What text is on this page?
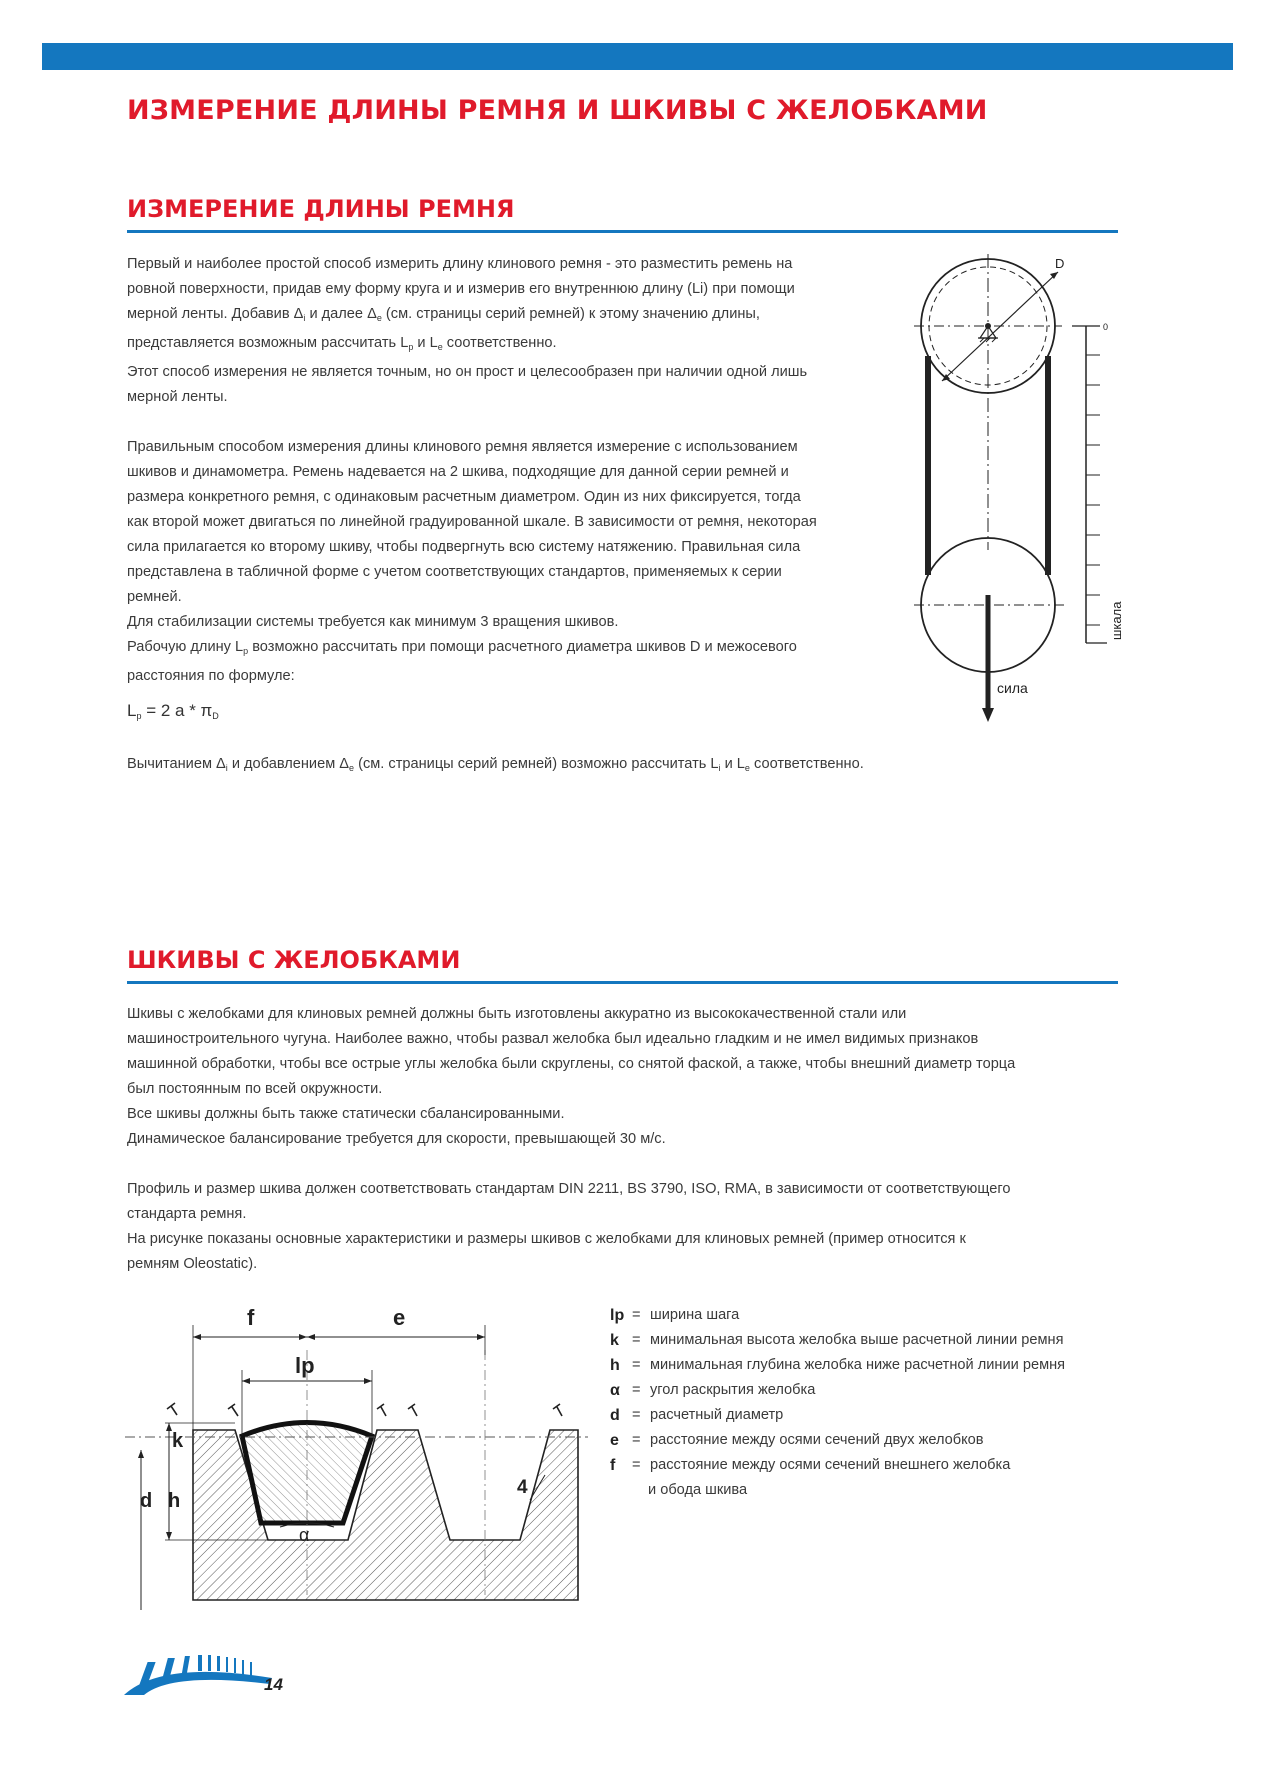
ИЗМЕРЕНИЕ ДЛИНЫ РЕМНЯ И ШКИВЫ С ЖЕЛОБКАМИ
ИЗМЕРЕНИЕ ДЛИНЫ РЕМНЯ

Первый и наиболее простой способ измерить длину клинового ремня - это разместить ремень на

ровной поверхности, придав ему форму круга и и измерив его внутреннюю длину (Li) при помощи

мерной ленты. Добавив $\Delta_i$ и далее $\Delta_e$ (см. страницы серий ремней) к этому значению длины,

представляется возможным рассчитать $L_p$ и $L_e$ соответственно.

Этот способ измерения не является точным, но он прост и целесообразен при наличии одной лишь

мерной ленты.

Правильным способом измерения длины клинового ремня является измерение с использованием

шкивов и динамометра. Ремень надевается на 2 шкива, подходящие для данной серии ремней и

размера конкретного ремня, с одинаковым расчетным диаметром. Один из них фиксируется, тогда

как второй может двигаться по линейной градуированной шкале. В зависимости от ремня, некоторая

сила прилагается ко второму шкиву, чтобы подвергнуть всю систему натяжению. Правильная сила

представлена в табличной форме с учетом соответствующих стандартов, применяемых к серии

ремней.

Для стабилизации системы требуется как минимум 3 вращения шкивов.

Рабочую длину $L_p$ возможно рассчитать при помощи расчетного диаметра шкивов D и межосевого

расстояния по формуле:

$L_p = 2$ a * $\pi_D$

Вычитанием $\Delta_i$ и добавлением $\Delta_e$ (см. страницы серий ремней) возможно рассчитать $L_i$ и $L_e$ соответственно.

D
сила
0
шкала
ШКИВЫ С ЖЕЛОБКАМИ

Шкивы с желобками для клиновых ремней должны быть изготовлены аккуратно из высококачественной стали или

машиностроительного чугуна. Наиболее важно, чтобы развал желобка был идеально гладким и не имел видимых признаков

машинной обработки, чтобы все острые углы желобка были скруглены, со снятой фаской, а также, чтобы внешний диаметр торца

был постоянным по всей окружности.

Все шкивы должны быть также статически сбалансированными.

Динамическое балансирование требуется для скорости, превышающей 30 м/с.

Профиль и размер шкива должен соответствовать стандартам DIN 2211, BS 3790, ISO, RMA, в зависимости от соответствующего

стандарта ремня.

На рисунке показаны основные характеристики и размеры шкивов с желобками для клиновых ремней (пример относится к

ремням Oleostatic).

f	e
lp
k
d h
α
4
lp = ширина шага
k = минимальная высота желобка выше расчетной линии ремня
h = минимальная глубина желобка ниже расчетной линии ремня
α = угол раскрытия желобка
d = расчетный диаметр
e = расстояние между осями сечений двух желобков
f	= расстояние между осями сечений внешнего желобка
и обода шкива
14
